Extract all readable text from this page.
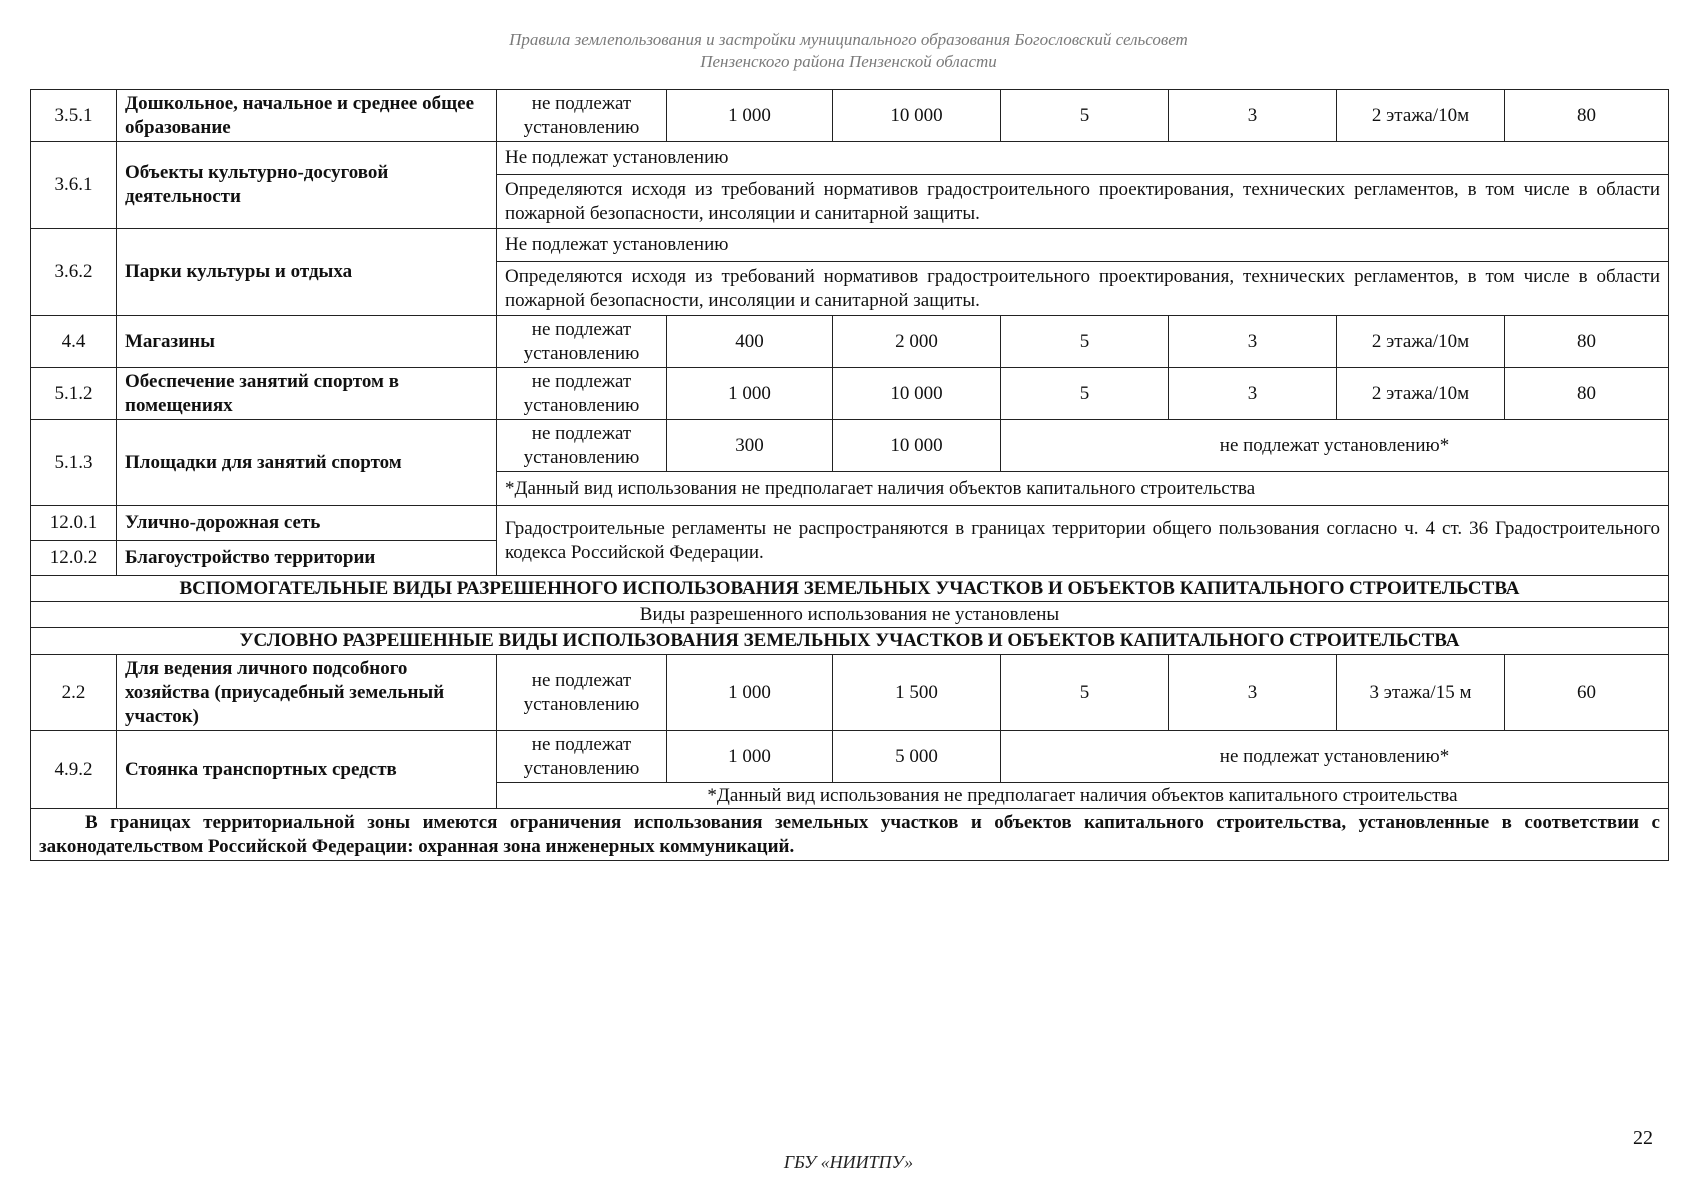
Правила землепользования и застройки муниципального образования Богословский сельсовет
Пензенского района Пензенской области
3.5.1	Дошкольное, начальное и среднее общее образование	не подлежат установлению	1 000	10 000	5	3	2 этажа/10м	80
3.6.1	Объекты культурно-досуговой деятельности	Не подлежат установлению						
		Определяются исходя из требований нормативов градостроительного проектирования, технических регламентов, в том числе в области пожарной безопасности, инсоляции и санитарной защиты.						
3.6.2	Парки культуры и отдыха	Не подлежат установлению						
		Определяются исходя из требований нормативов градостроительного проектирования, технических регламентов, в том числе в области пожарной безопасности, инсоляции и санитарной защиты.						
4.4	Магазины	не подлежат установлению	400	2 000	5	3	2 этажа/10м	80
5.1.2	Обеспечение занятий спортом в помещениях	не подлежат установлению	1 000	10 000	5	3	2 этажа/10м	80
5.1.3	Площадки для занятий спортом	не подлежат установлению	300	10 000	не подлежат установлению*			
		*Данный вид использования не предполагает наличия объектов капитального строительства						
12.0.1	Улично-дорожная сеть	Градостроительные регламенты не распространяются в границах территории общего пользования согласно ч. 4 ст. 36 Градостроительного кодекса Российской Федерации.						
12.0.2	Благоустройство территории							
ВСПОМОГАТЕЛЬНЫЕ ВИДЫ РАЗРЕШЕННОГО ИСПОЛЬЗОВАНИЯ ЗЕМЕЛЬНЫХ УЧАСТКОВ И ОБЪЕКТОВ КАПИТАЛЬНОГО СТРОИТЕЛЬСТВА								
Виды разрешенного использования не установлены								
УСЛОВНО РАЗРЕШЕННЫЕ ВИДЫ ИСПОЛЬЗОВАНИЯ ЗЕМЕЛЬНЫХ УЧАСТКОВ И ОБЪЕКТОВ КАПИТАЛЬНОГО СТРОИТЕЛЬСТВА								
2.2	Для ведения личного подсобного хозяйства (приусадебный земельный участок)	не подлежат установлению	1 000	1 500	5	3	3 этажа/15 м	60
4.9.2	Стоянка транспортных средств	не подлежат установлению	1 000	5 000	не подлежат установлению*			
		*Данный вид использования не предполагает наличия объектов капитального строительства						
В границах территориальной зоны имеются ограничения использования земельных участков и объектов капитального строительства, установленные в соответствии с законодательством Российской Федерации: охранная зона инженерных коммуникаций.								
22
ГБУ «НИИТПУ»
